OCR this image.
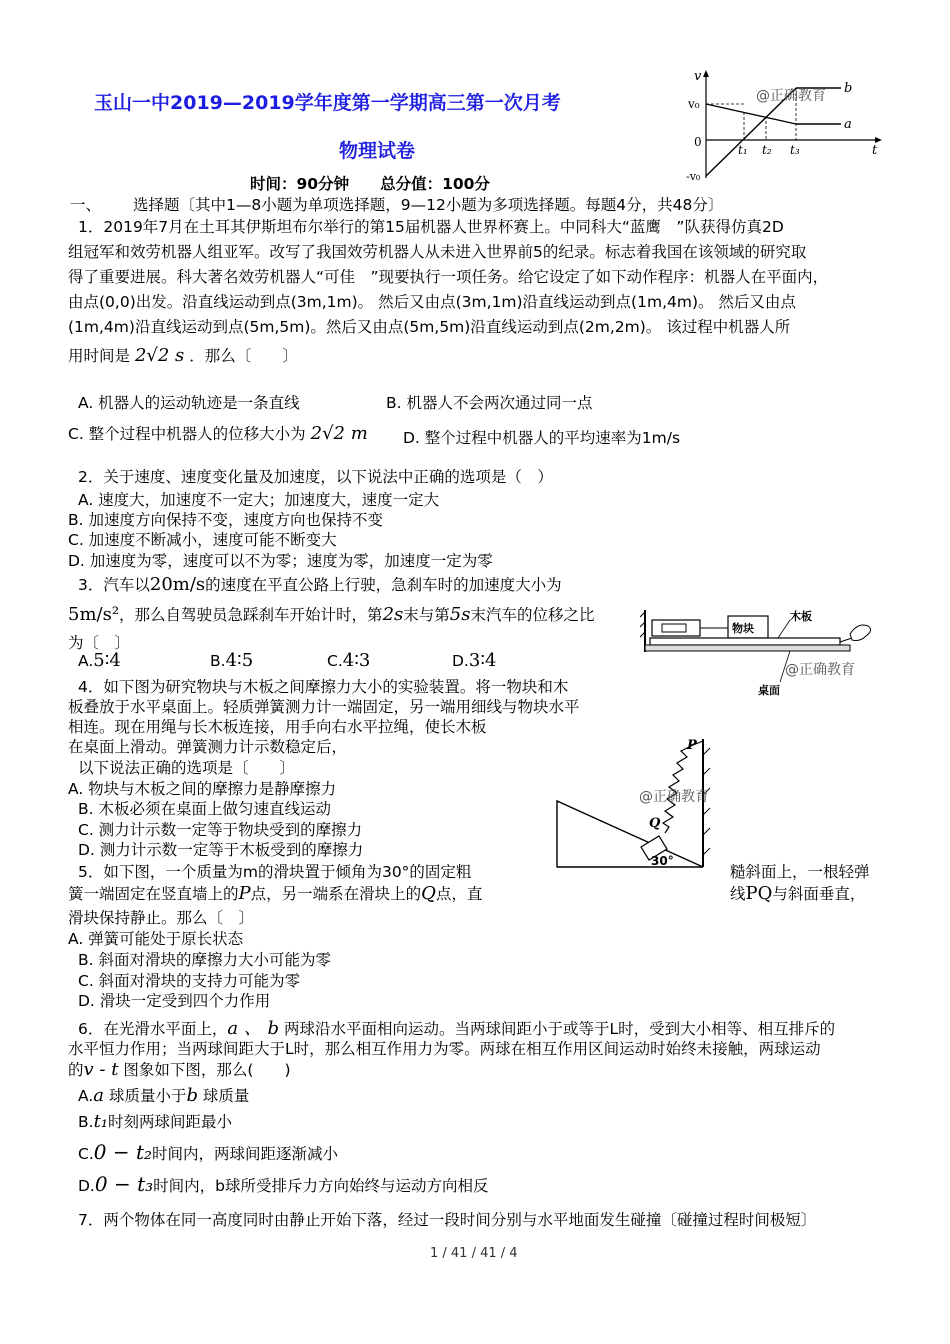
玉山一中2019—2019学年度第一学期高三第一次月考
物理试卷
时间：90分钟　　总分值：100分
v
t
v₀
0
-v₀
t₁ t₂ t₃
a
b
@正确教育
一、 选择题〔其中1—8小题为单项选择题，9—12小题为多项选择题。每题4分，共48分〕
1．2019年7月在土耳其伊斯坦布尔举行的第15届机器人世界杯赛上。中同科大“蓝鹰　”队获得仿真2D
组冠军和效劳机器人组亚军。改写了我国效劳机器人从未进入世界前5的纪录。标志着我国在该领域的研究取
得了重要进展。科大著名效劳机器人“可佳　”现要执行一项任务。给它设定了如下动作程序：机器人在平面内，
由点(0,0)出发。沿直线运动到点(3m,1m)。 然后又由点(3m,1m)沿直线运动到点(1m,4m)。 然后又由点
(1m,4m)沿直线运动到点(5m,5m)。然后又由点(5m,5m)沿直线运动到点(2m,2m)。 该过程中机器人所
用时间是 2√2 s ．那么〔　　〕
A. 机器人的运动轨迹是一条直线	B. 机器人不会两次通过同一点
C. 整个过程中机器人的位移大小为 2√2 m D. 整个过程中机器人的平均速率为1m/s
2．关于速度、速度变化量及加速度，以下说法中正确的选项是（　）
A. 速度大，加速度不一定大；加速度大，速度一定大
B. 加速度方向保持不变，速度方向也保持不变
C. 加速度不断减小，速度可能不断变大
D. 加速度为零，速度可以不为零；速度为零，加速度一定为零
3．汽车以20m/s的速度在平直公路上行驶，急刹车时的加速度大小为
5m/s²，那么自驾驶员急踩刹车开始计时，第2s末与第5s末汽车的位移之比
为〔　〕
A.5∶4	B.4∶5	C.4∶3	D.3∶4
物块
木板
桌面
@正确教育
4．如下图为研究物块与木板之间摩擦力大小的实验装置。将一物块和木
板叠放于水平桌面上。轻质弹簧测力计一端固定，另一端用细线与物块水平
相连。现在用绳与长木板连接，用手向右水平拉绳，使长木板
在桌面上滑动。弹簧测力计示数稳定后，
以下说法正确的选项是〔　　〕
A. 物块与木板之间的摩擦力是静摩擦力
B. 木板必须在桌面上做匀速直线运动
C. 测力计示数一定等于物块受到的摩擦力
D. 测力计示数一定等于木板受到的摩擦力
P
Q
30°
@正确教育
5．如下图，一个质量为m的滑块置于倾角为30°的固定粗	糙斜面上，一根轻弹
簧一端固定在竖直墙上的P点，另一端系在滑块上的Q点，直	线PQ与斜面垂直，
滑块保持静止。那么〔　〕
A. 弹簧可能处于原长状态
B. 斜面对滑块的摩擦力大小可能为零
C. 斜面对滑块的支持力可能为零
D. 滑块一定受到四个力作用
6．在光滑水平面上，a 、 b 两球沿水平面相向运动。当两球间距小于或等于L时，受到大小相等、相互排斥的
水平恒力作用；当两球间距大于L时，那么相互作用力为零。两球在相互作用区间运动时始终未接触，两球运动
的v - t 图象如下图，那么(　　)
A.a 球质量小于b 球质量
B.t₁时刻两球间距最小
C.0 − t₂时间内，两球间距逐渐减小
D.0 − t₃时间内，b球所受排斥力方向始终与运动方向相反
7．两个物体在同一高度同时由静止开始下落，经过一段时间分别与水平地面发生碰撞〔碰撞过程时间极短〕
1 / 41 / 41 / 4
